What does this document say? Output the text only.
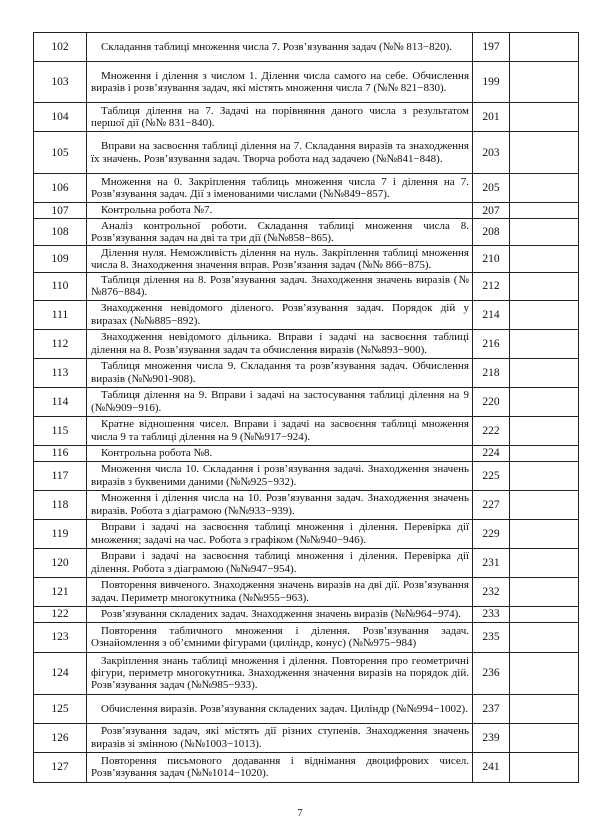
102	Складання таблиці множення числа 7. Розв’язування задач (№№ 813−820).	197	
103	Множення і ділення з числом 1. Ділення числа самого на себе. Обчислення виразів і розв’язування задач, які містять множення числа 7 (№№ 821−830).	199	
104	Таблиця ділення на 7. Задачі на порівняння даного числа з результатом першої дії (№№ 831−840).	201	
105	Вправи на засвоєння таблиці ділення на 7. Складання виразів та знаходження їх значень. Розв’язування задач. Творча робота над задачею (№№841−848).	203	
106	Множення на 0. Закріплення таблиць множення числа 7 і ділення на 7. Розв’язування задач. Дії з іменованими числами (№№849−857).	205	
107	Контрольна робота №7.	207	
108	Аналіз контрольної роботи. Складання таблиці множення числа 8. Розв’язування задач на дві та три дії (№№858−865).	208	
109	Ділення нуля. Неможливість ділення на нуль. Закріплення таблиці множення числа 8. Знаходження значення вправ. Розв’язання задач (№№ 866−875).	210	
110	Таблиця ділення на 8. Розв’язування задач. Знаходження значень виразів (№№876−884).	212	
111	Знаходження невідомого діленого. Розв’язування задач. Порядок дій у виразах (№№885−892).	214	
112	Знаходження невідомого дільника. Вправи і задачі на засвоєння таблиці ділення на 8. Розв’язування задач та обчислення виразів (№№893−900).	216	
113	Таблиця множення числа 9. Складання та розв’язування задач. Обчислення виразів (№№901-908).	218	
114	Таблиця ділення на 9. Вправи і задачі на застосування таблиці ділення на 9 (№№909−916).	220	
115	Кратне відношення чисел. Вправи і задачі на засвоєння таблиці множення числа 9 та таблиці ділення на 9 (№№917−924).	222	
116	Контрольна робота №8.	224	
117	Множення числа 10. Складання і розв’язування задачі. Знаходження значень виразів з буквеними даними (№№925−932).	225	
118	Множення і ділення числа на 10. Розв’язування задач. Знаходження значень виразів. Робота з діаграмою (№№933−939).	227	
119	Вправи і задачі на засвоєння таблиці множення і ділення. Перевірка дії множення; задачі на час. Робота з графіком (№№940−946).	229	
120	Вправи і задачі на засвоєння таблиці множення і ділення. Перевірка дії ділення. Робота з діаграмою (№№947−954).	231	
121	Повторення вивченого. Знаходження значень виразів на дві дії. Розв’язування задач. Периметр многокутника (№№955−963).	232	
122	Розв’язування складених задач. Знаходження значень виразів (№№964−974).	233	
123	Повторення табличного множення і ділення. Розв’язування задач. Ознайомлення з об’ємними фігурами (циліндр, конус) (№№975−984)	235	
124	Закріплення знань таблиці множення і ділення. Повторення про геометричні фігури, периметр многокутника. Знаходження значення виразів на порядок дій. Розв’язування задач (№№985−933).	236	
125	Обчислення виразів. Розв’язування складених задач. Циліндр (№№994−1002).	237	
126	Розв’язування задач, які містять дії різних ступенів. Знаходження значень виразів зі змінною (№№1003−1013).	239	
127	Повторення письмового додавання і віднімання двоцифрових чисел. Розв’язування задач (№№1014−1020).	241	
7
